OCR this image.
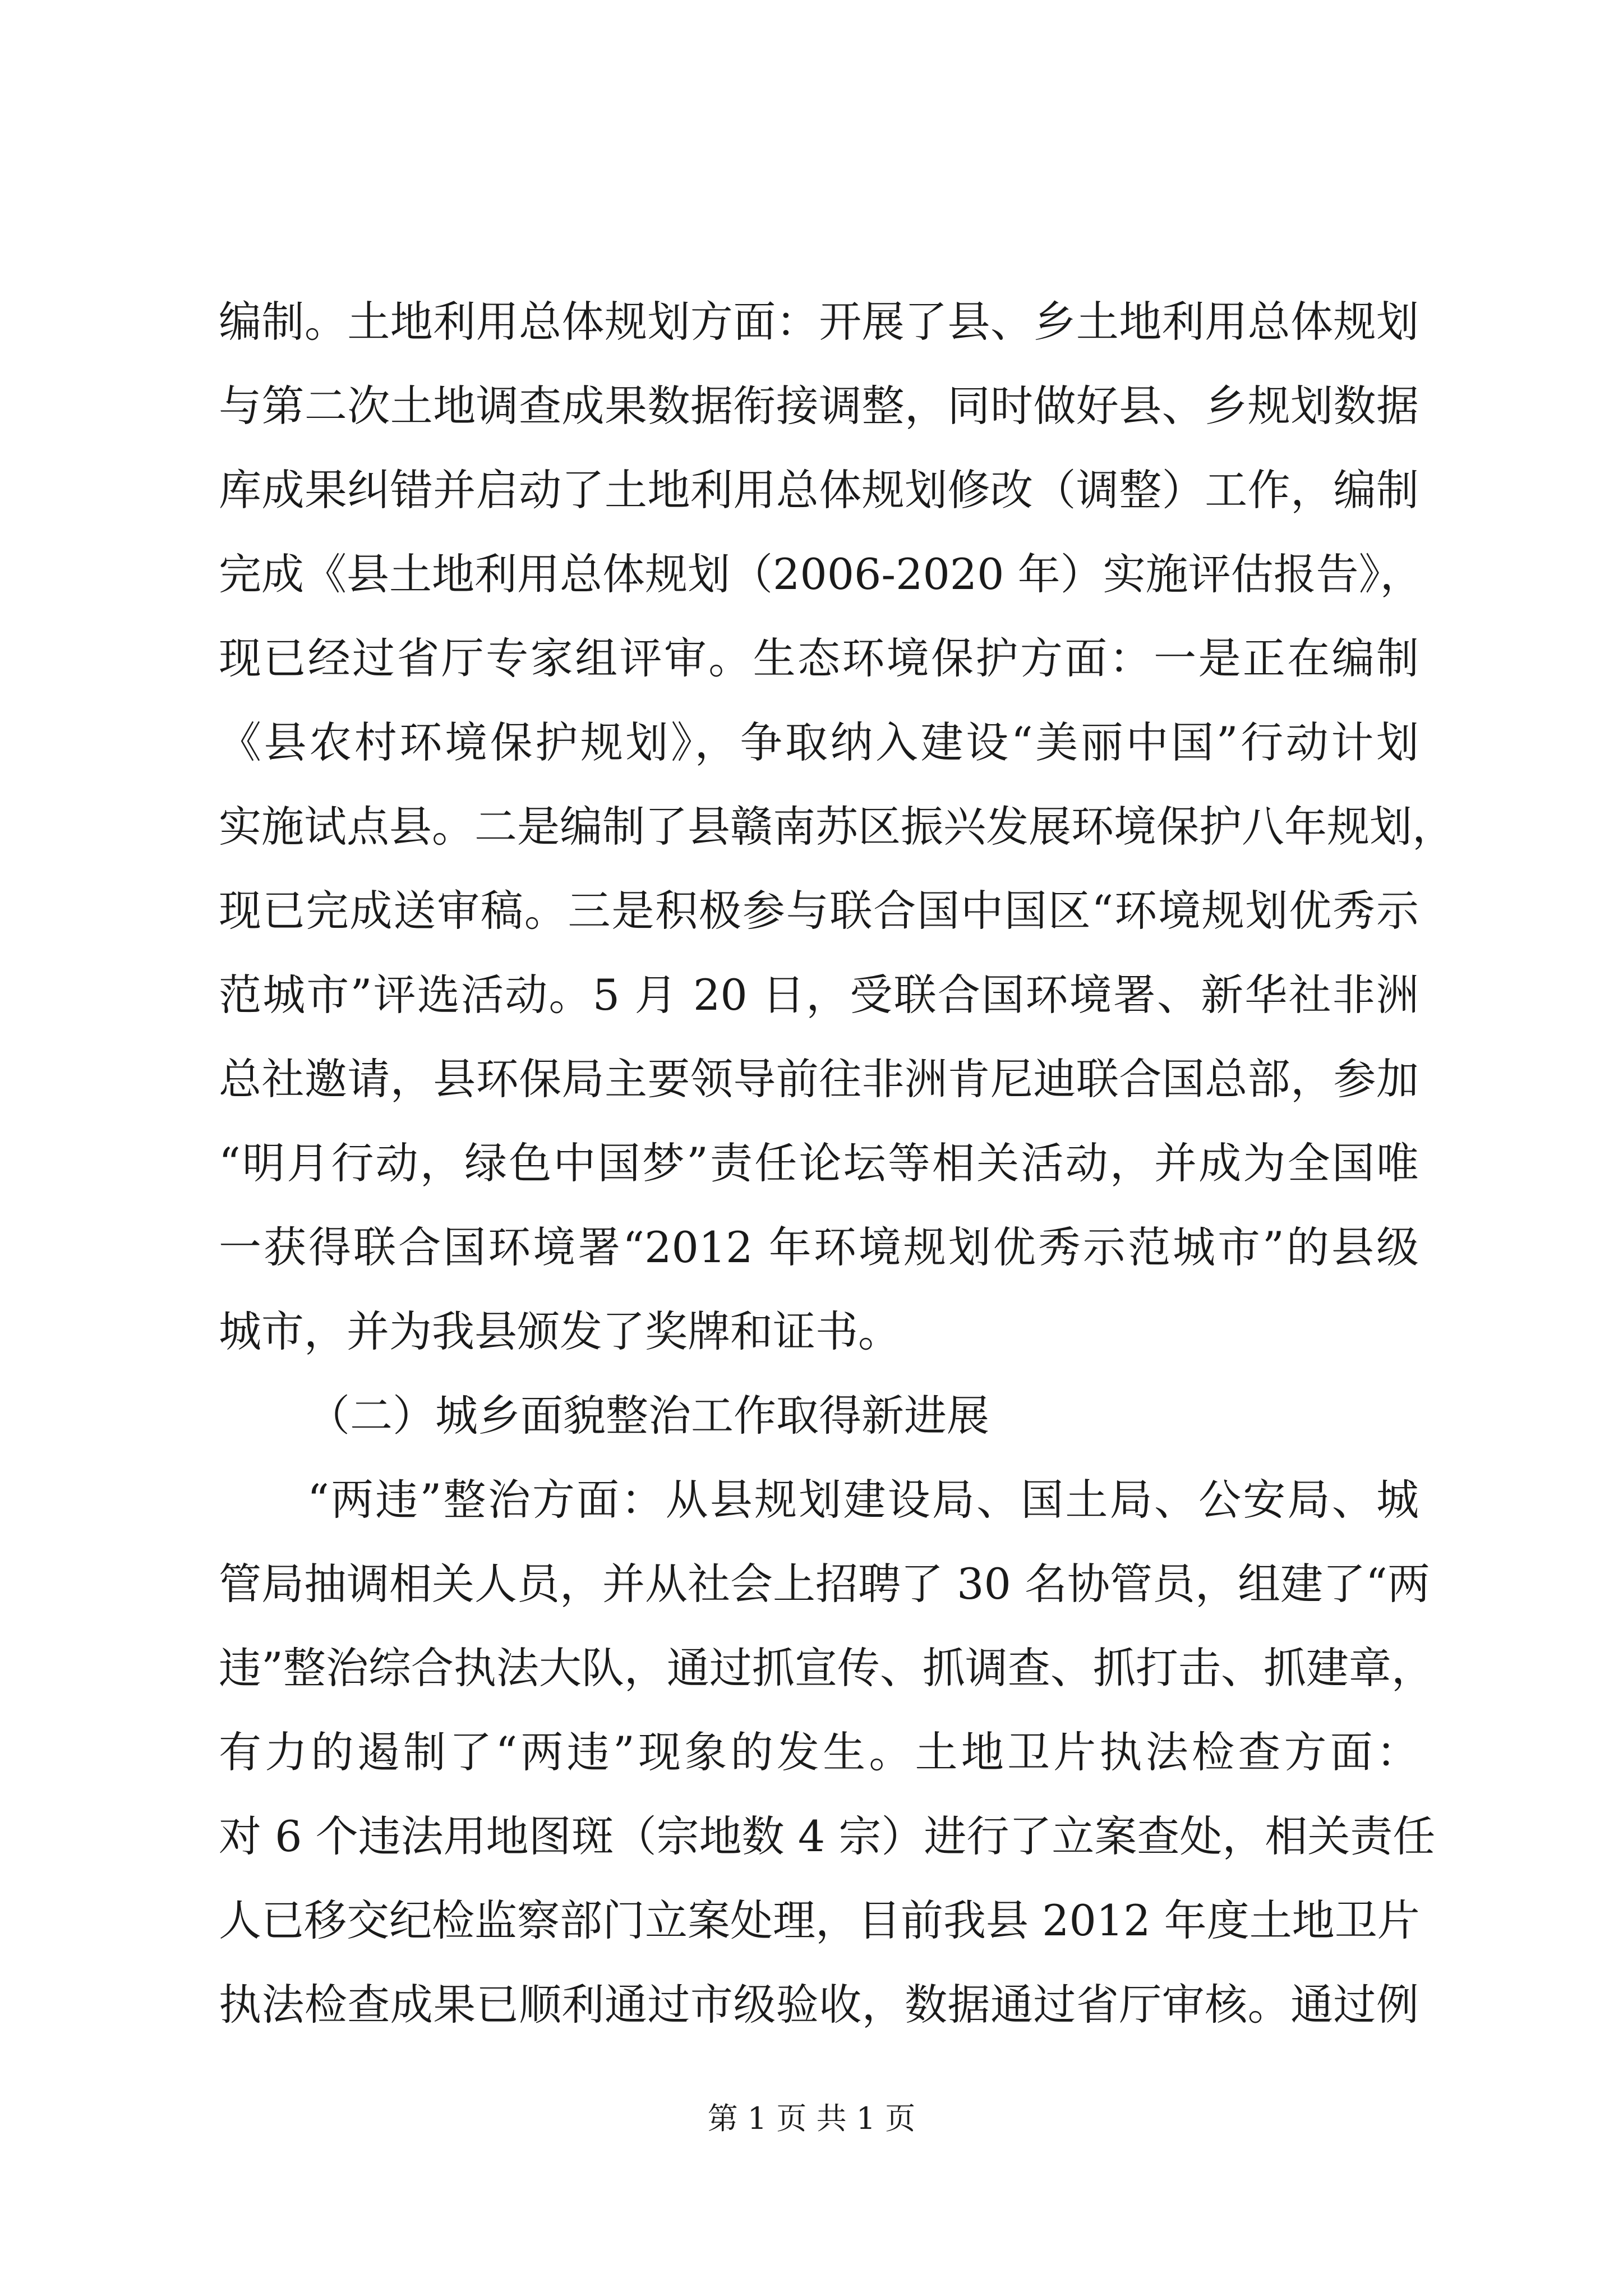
编制。土地利用总体规划方面：开展了县、乡土地利用总体规划
与第二次土地调查成果数据衔接调整，同时做好县、乡规划数据
库成果纠错并启动了土地利用总体规划修改（调整）工作，编制
完成《县土地利用总体规划（2006-2020 年）实施评估报告》，
现已经过省厅专家组评审。生态环境保护方面：一是正在编制
《县农村环境保护规划》，争取纳入建设“美丽中国”行动计划
实施试点县。二是编制了县赣南苏区振兴发展环境保护八年规划，
现已完成送审稿。三是积极参与联合国中国区“环境规划优秀示
范城市”评选活动。5 月 20 日，受联合国环境署、新华社非洲
总社邀请，县环保局主要领导前往非洲肯尼迪联合国总部，参加
“明月行动，绿色中国梦”责任论坛等相关活动，并成为全国唯
一获得联合国环境署“2012 年环境规划优秀示范城市”的县级
城市，并为我县颁发了奖牌和证书。
（二）城乡面貌整治工作取得新进展
“两违”整治方面：从县规划建设局、国土局、公安局、城
管局抽调相关人员，并从社会上招聘了 30 名协管员，组建了“两
违”整治综合执法大队，通过抓宣传、抓调查、抓打击、抓建章，
有力的遏制了“两违”现象的发生。土地卫片执法检查方面：
对 6 个违法用地图斑（宗地数 4 宗）进行了立案查处，相关责任
人已移交纪检监察部门立案处理，目前我县 2012 年度土地卫片
执法检查成果已顺利通过市级验收，数据通过省厅审核。通过例
第 1 页 共 1 页
